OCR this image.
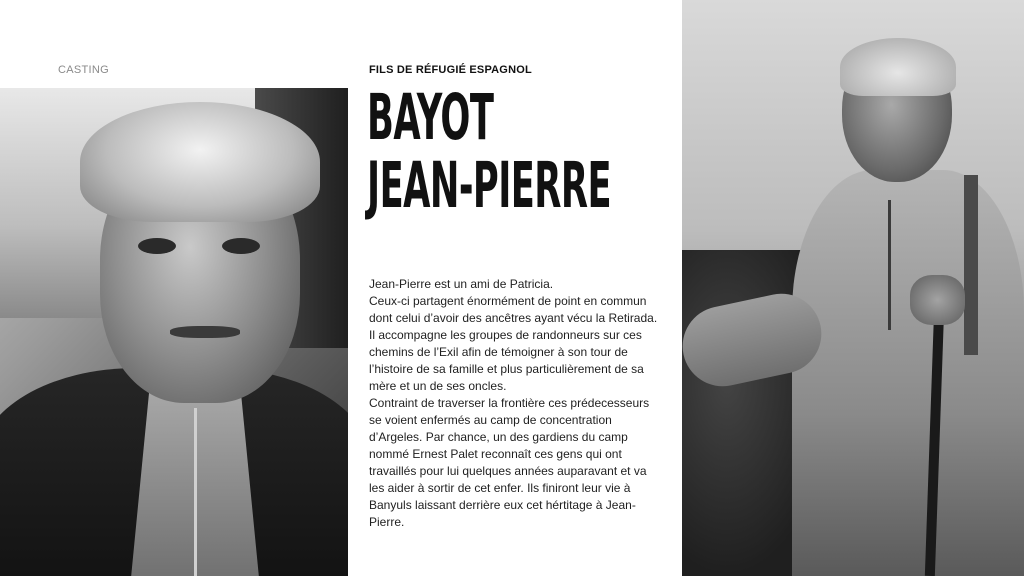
CASTING	FILS DE RÉFUGIÉ ESPAGNOL
BAYOT
JEAN-PIERRE

Jean-Pierre est un ami de Patricia.

Ceux-ci partagent énormément de point en commun dont celui d’avoir des ancêtres ayant vécu la Retirada. Il accompagne les groupes de randonneurs sur ces chemins de l’Exil afin de témoigner à son tour de l’histoire de sa famille et plus particulièrement de sa mère et un de ses oncles.

Contraint de traverser la frontière ces prédecesseurs se voient enfermés au camp de concentration d’Argeles. Par chance, un des gardiens du camp nommé Ernest Palet reconnaît ces gens qui ont travaillés pour lui quelques années auparavant et va les aider à sortir de cet enfer. Ils finiront leur vie à Banyuls laissant derrière eux cet hértitage à Jean-Pierre.
